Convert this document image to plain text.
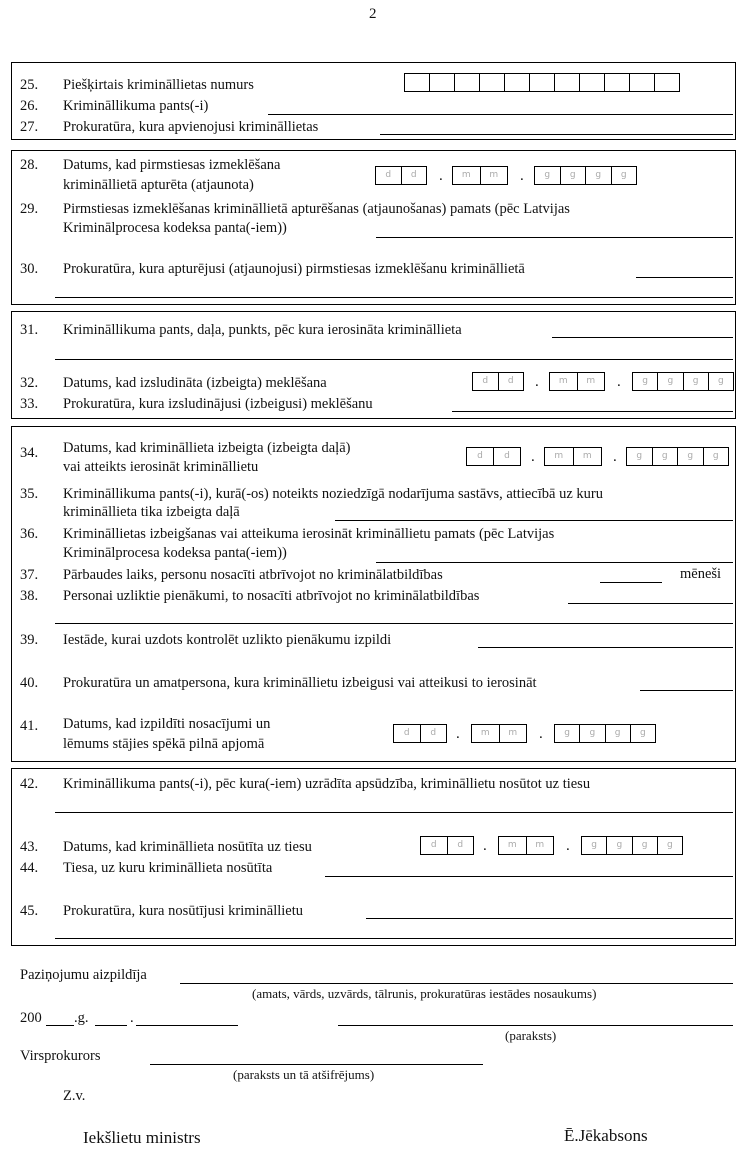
2
25. Piešķirtais krimināllietas numurs
26. Krimināllikuma pants(-i)
27. Prokuratūra, kura apvienojusi krimināllietas
28. Datums, kad pirmstiesas izmeklēšana
krimināllietā apturēta (atjaunota)
d	d	.	m	m	.	g	g	g	g
29. Pirmstiesas izmeklēšanas krimināllietā apturēšanas (atjaunošanas) pamats (pēc Latvijas
Kriminālprocesa kodeksa panta(-iem))
30. Prokuratūra, kura apturējusi (atjaunojusi) pirmstiesas izmeklēšanu krimināllietā
31. Krimināllikuma pants, daļa, punkts, pēc kura ierosināta krimināllieta
32. Datums, kad izsludināta (izbeigta) meklēšana	d	d	.	m	m	.	g	g	g	g
33. Prokuratūra, kura izsludinājusi (izbeigusi) meklēšanu
34. Datums, kad krimināllieta izbeigta (izbeigta daļā)
vai atteikts ierosināt krimināllietu
d	d	.	m	m	.	g	g	g	g
35. Krimināllikuma pants(-i), kurā(-os) noteikts noziedzīgā nodarījuma sastāvs, attiecībā uz kuru
krimināllieta tika izbeigta daļā
36. Krimināllietas izbeigšanas vai atteikuma ierosināt krimināllietu pamats (pēc Latvijas
Kriminālprocesa kodeksa panta(-iem))
37. Pārbaudes laiks, personu nosacīti atbrīvojot no kriminālatbildības	mēneši
38. Personai uzliktie pienākumi, to nosacīti atbrīvojot no kriminālatbildības
39. Iestāde, kurai uzdots kontrolēt uzlikto pienākumu izpildi
40. Prokuratūra un amatpersona, kura krimināllietu izbeigusi vai atteikusi to ierosināt
41. Datums, kad izpildīti nosacījumi un
lēmums stājies spēkā pilnā apjomā
d	d	.	m	m	.	g	g	g	g
42. Krimināllikuma pants(-i), pēc kura(-iem) uzrādīta apsūdzība, krimināllietu nosūtot uz tiesu
43. Datums, kad krimināllieta nosūtīta uz tiesu	d	d	.	m	m	.	g	g	g	g
44. Tiesa, uz kuru krimināllieta nosūtīta
45. Prokuratūra, kura nosūtījusi krimināllietu
Paziņojumu aizpildīja
(amats, vārds, uzvārds, tālrunis, prokuratūras iestādes nosaukums)
200 .g.	.
(paraksts)
Virsprokurors
(paraksts un tā atšifrējums)
Z.v.
Iekšlietu ministrs	Ē.Jēkabsons
